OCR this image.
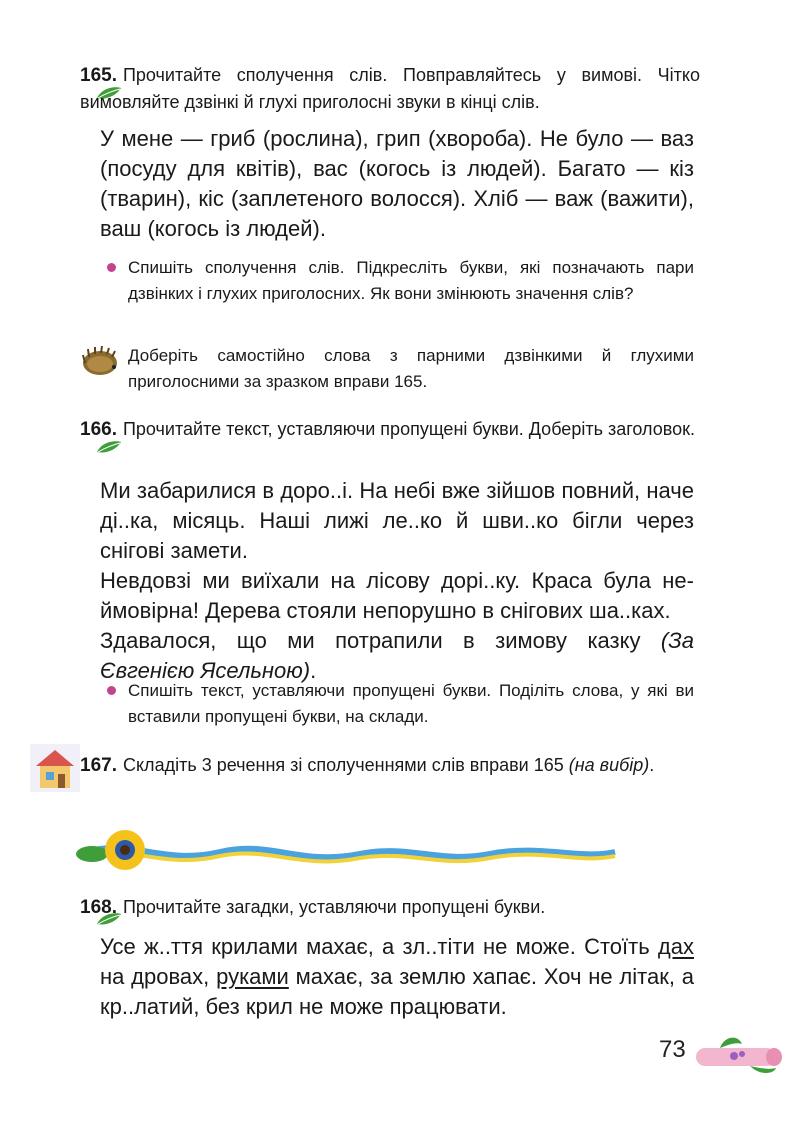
165. Прочитайте сполучення слів. Повправляйтесь у вимові. Чітко вимовляйте дзвінкі й глухі приголосні звуки в кінці слів.

У мене — гриб (рослина), грип (хвороба). Не було — ваз (посуду для квітів), вас (когось із людей). Багато — кіз (тварин), кіс (заплетеного волосся). Хліб — важ (важити), ваш (когось із людей).

Спишіть сполучення слів. Підкресліть букви, які позначають пари дзвінких і глухих приголосних. Як вони змінюють значення слів?
Доберіть самостійно слова з парними дзвінкими й глухими приголосними за зразком вправи 165.
166. Прочитайте текст, уставляючи пропущені букви. Доберіть заголовок.

Ми забарилися в доро..і. На небі вже зійшов повний, наче ді..ка, місяць. Наші лижі ле..ко й шви..ко бігли через снігові замети.

Невдовзі ми виїхали на лісову дорі..ку. Краса була неймовірна! Дерева стояли непорушно в снігових ша..ках.

Здавалося, що ми потрапили в зимову казку (За Євгенією Ясельною).

Спишіть текст, уставляючи пропущені букви. Поділіть слова, у які ви вставили пропущені букви, на склади.
167. Складіть 3 речення зі сполученнями слів вправи 165 (на вибір).
168. Прочитайте загадки, уставляючи пропущені букви.

Усе ж..ття крилами махає, а зл..тіти не може. Стоїть дах на дровах, руками махає, за землю хапає. Хоч не літак, а кр..латий, без крил не може працювати.

73
